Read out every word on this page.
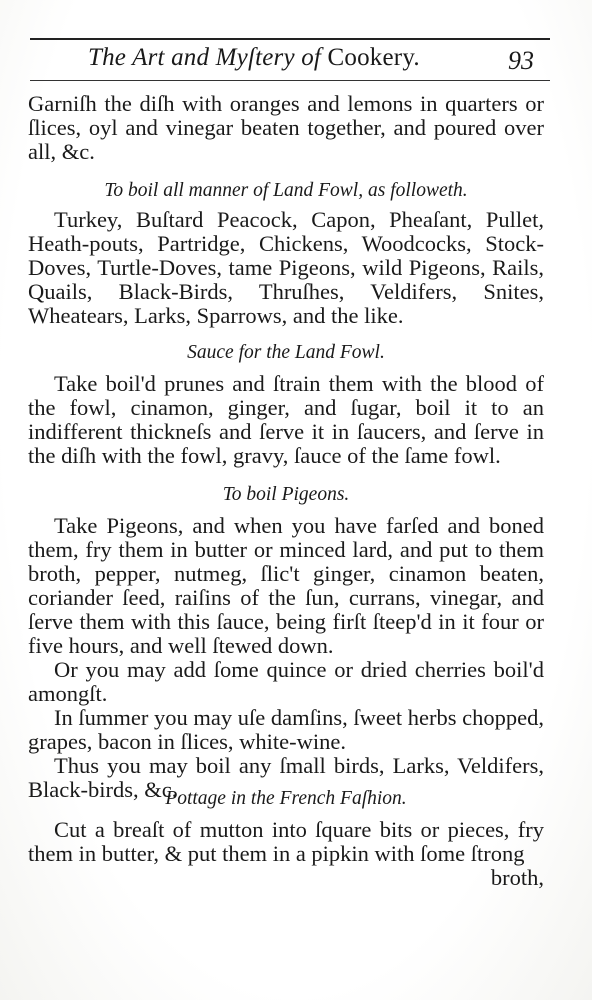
The Art and Myſtery of Cookery.	93

Garniſh the diſh with oranges and lemons in quarters or ſlices, oyl and vinegar beaten together, and poured over all, &c.

To boil all manner of Land Fowl, as followeth.

Turkey, Buſtard Peacock, Capon, Pheaſant, Pullet, Heath-pouts, Partridge, Chickens, Woodcocks, Stock-Doves, Turtle-Doves, tame Pigeons, wild Pigeons, Rails, Quails, Black-Birds, Thruſhes, Veldifers, Snites, Wheatears, Larks, Sparrows, and the like.

Sauce for the Land Fowl.

Take boil'd prunes and ſtrain them with the blood of the fowl, cinamon, ginger, and ſugar, boil it to an indifferent thickneſs and ſerve it in ſaucers, and ſerve in the diſh with the fowl, gravy, ſauce of the ſame fowl.

To boil Pigeons.

Take Pigeons, and when you have farſed and boned them, fry them in butter or minced lard, and put to them broth, pepper, nutmeg, ſlic't ginger, cinamon beaten, coriander ſeed, raiſins of the ſun, currans, vinegar, and ſerve them with this ſauce, being firſt ſteep'd in it four or five hours, and well ſtewed down.

Or you may add ſome quince or dried cherries boil'd amongſt.

In ſummer you may uſe damſins, ſweet herbs chopped, grapes, bacon in ſlices, white-wine.

Thus you may boil any ſmall birds, Larks, Veldifers, Black-birds, &c.

Pottage in the French Faſhion.

Cut a breaſt of mutton into ſquare bits or pieces, fry them in butter, & put them in a pipkin with ſome ſtrong

broth,
